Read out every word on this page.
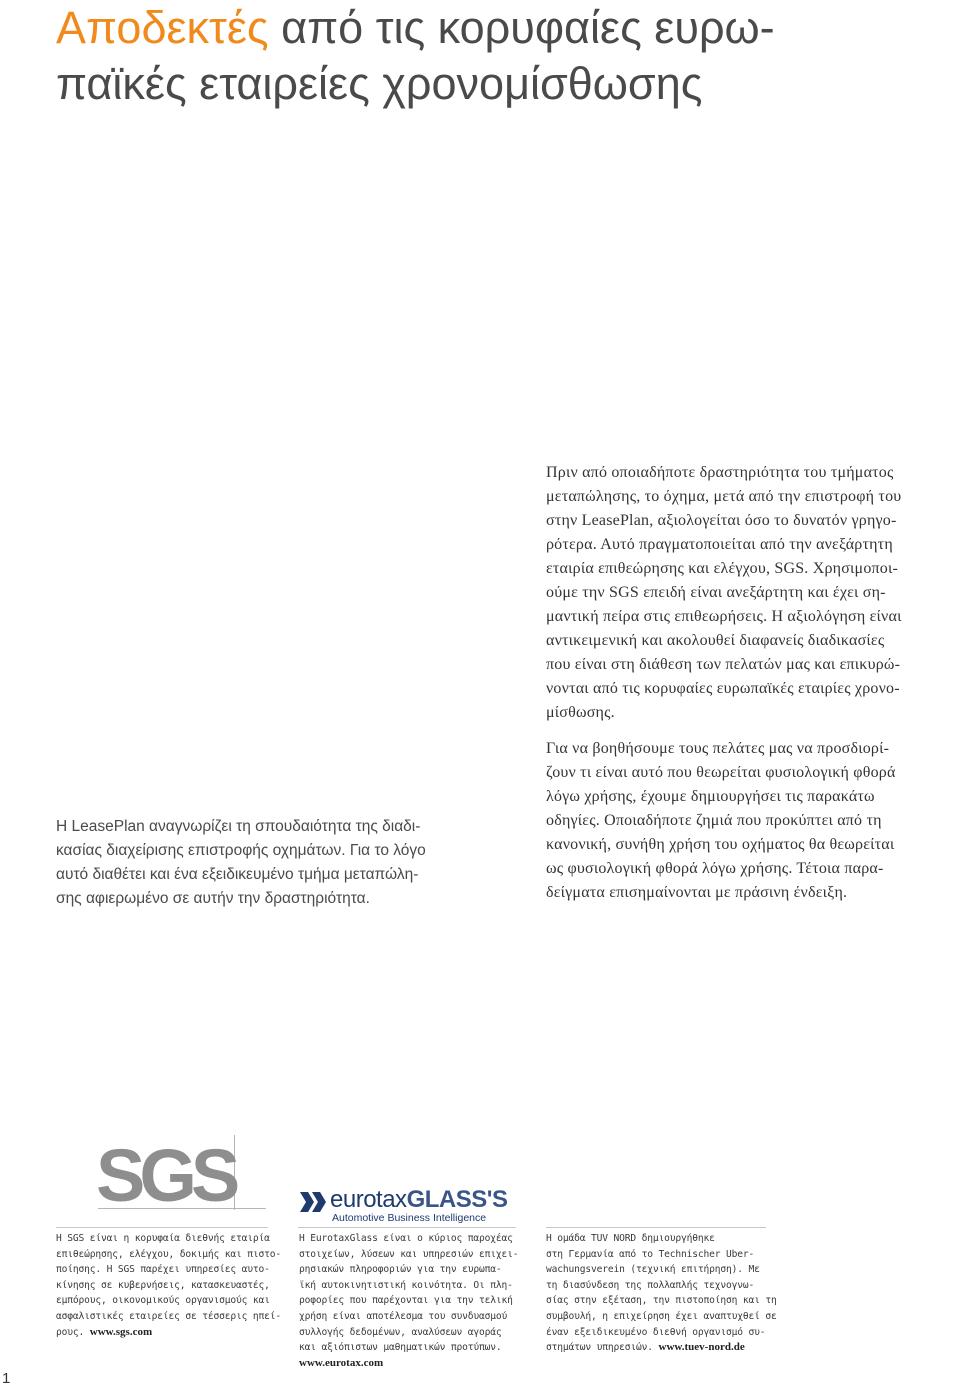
Αποδεκτές από τις κορυφαίες ευρω-
παϊκές εταιρείες χρονομίσθωσης

Πριν από οποιαδήποτε δραστηριότητα του τμήματος
μεταπώλησης, το όχημα, μετά από την επιστροφή του
στην LeasePlan, αξιολογείται όσο το δυνατόν γρηγο-
ρότερα. Αυτό πραγματοποιείται από την ανεξάρτητη
εταιρία επιθεώρησης και ελέγχου, SGS. Χρησιμοποι-
ούμε την SGS επειδή είναι ανεξάρτητη και έχει ση-
μαντική πείρα στις επιθεωρήσεις. Η αξιολόγηση είναι
αντικειμενική και ακολουθεί διαφανείς διαδικασίες
που είναι στη διάθεση των πελατών μας και επικυρώ-
νονται από τις κορυφαίες ευρωπαϊκές εταιρίες χρονο-
μίσθωσης.

Για να βοηθήσουμε τους πελάτες μας να προσδιορί-
ζουν τι είναι αυτό που θεωρείται φυσιολογική φθορά
λόγω χρήσης, έχουμε δημιουργήσει τις παρακάτω
οδηγίες. Οποιαδήποτε ζημιά που προκύπτει από τη
κανονική, συνήθη χρήση του οχήματος θα θεωρείται
ως φυσιολογική φθορά λόγω χρήσης. Τέτοια παρα-
δείγματα επισημαίνονται με πράσινη ένδειξη.

Η LeasePlan αναγνωρίζει τη σπουδαιότητα της διαδι-
κασίας διαχείρισης επιστροφής οχημάτων. Για το λόγο
αυτό διαθέτει και ένα εξειδικευμένο τμήμα μεταπώλη-
σης αφιερωμένο σε αυτήν την δραστηριότητα.

SGS	eurotaxGLASS'S
Automotive Business Intelligence

Η SGS είναι η κορυφαία διεθνής εταιρία
επιθεώρησης, ελέγχου, δοκιμής και πιστο-
ποίησης. Η SGS παρέχει υπηρεσίες αυτο-
κίνησης σε κυβερνήσεις, κατασκευαστές,
εμπόρους, οικονομικούς οργανισμούς και
ασφαλιστικές εταιρείες σε τέσσερις ηπεί-
ρους. www.sgs.com

Η EurotaxGlass είναι ο κύριος παροχέας
στοιχείων, λύσεων και υπηρεσιών επιχει-
ρησιακών πληροφοριών για την ευρωπα-
ϊκή αυτοκινητιστική κοινότητα. Οι πλη-
ροφορίες που παρέχονται για την τελική
χρήση είναι αποτέλεσμα του συνδυασμού
συλλογής δεδομένων, αναλύσεων αγοράς
και αξιόπιστων μαθηματικών προτύπων.
www.eurotax.com

Η ομάδα TUV NORD δημιουργήθηκε
στη Γερμανία από το Technischer Uber-
wachungsverein (τεχνική επιτήρηση). Με
τη διασύνδεση της πολλαπλής τεχνογνω-
σίας στην εξέταση, την πιστοποίηση και τη
συμβουλή, η επιχείρηση έχει αναπτυχθεί σε
έναν εξειδικευμένο διεθνή οργανισμό συ-
στημάτων υπηρεσιών. www.tuev-nord.de

1
